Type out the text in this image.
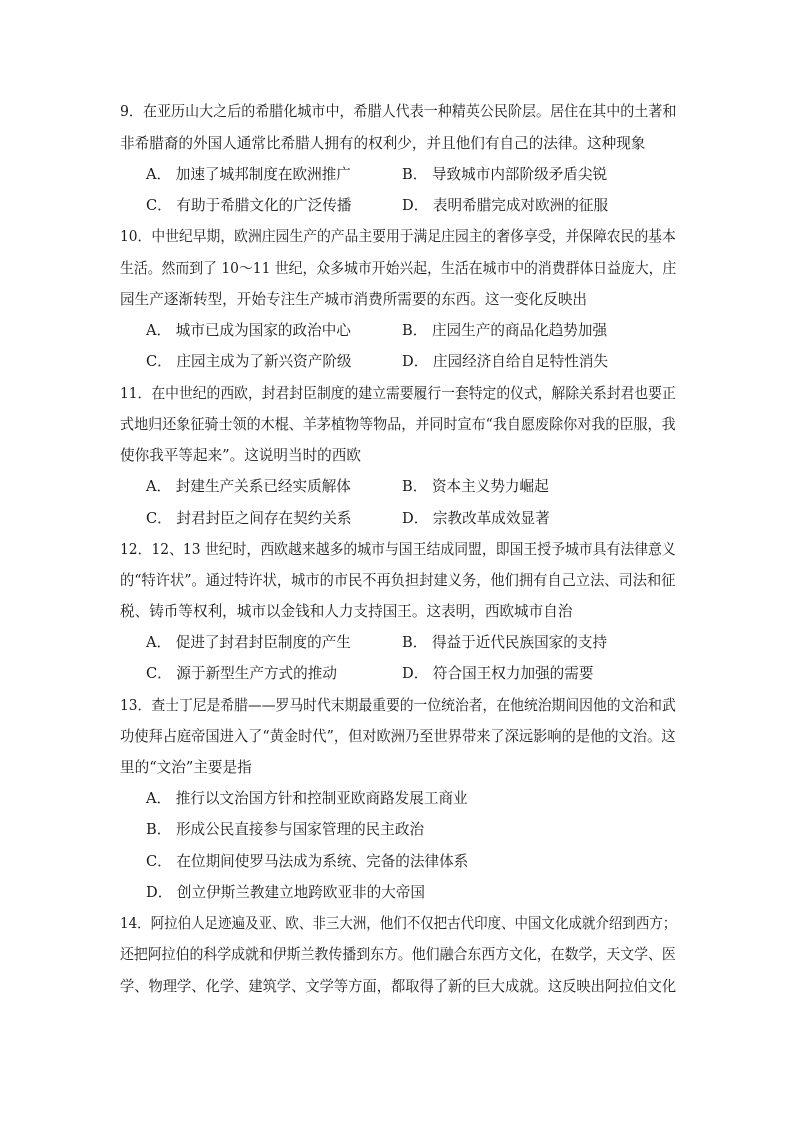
9．在亚历山大之后的希腊化城市中，希腊人代表一种精英公民阶层。居住在其中的土著和
非希腊裔的外国人通常比希腊人拥有的权利少，并且他们有自己的法律。这种现象
A． 加速了城邦制度在欧洲推广	B． 导致城市内部阶级矛盾尖锐
C． 有助于希腊文化的广泛传播	D． 表明希腊完成对欧洲的征服
10．中世纪早期，欧洲庄园生产的产品主要用于满足庄园主的奢侈享受，并保障农民的基本
生活。然而到了 10～11 世纪，众多城市开始兴起，生活在城市中的消费群体日益庞大，庄
园生产逐渐转型，开始专注生产城市消费所需要的东西。这一变化反映出
A． 城市已成为国家的政治中心	B． 庄园生产的商品化趋势加强
C． 庄园主成为了新兴资产阶级	D． 庄园经济自给自足特性消失
11．在中世纪的西欧，封君封臣制度的建立需要履行一套特定的仪式，解除关系封君也要正
式地归还象征骑士领的木棍、羊茅植物等物品，并同时宣布“我自愿废除你对我的臣服，我
使你我平等起来”。这说明当时的西欧
A． 封建生产关系已经实质解体	B． 资本主义势力崛起
C． 封君封臣之间存在契约关系	D． 宗教改革成效显著
12．12、13 世纪时，西欧越来越多的城市与国王结成同盟，即国王授予城市具有法律意义
的“特许状”。通过特许状，城市的市民不再负担封建义务，他们拥有自己立法、司法和征
税、铸币等权利，城市以金钱和人力支持国王。这表明，西欧城市自治
A． 促进了封君封臣制度的产生	B． 得益于近代民族国家的支持
C． 源于新型生产方式的推动	D． 符合国王权力加强的需要
13．查士丁尼是希腊——罗马时代末期最重要的一位统治者，在他统治期间因他的文治和武
功使拜占庭帝国进入了“黄金时代”，但对欧洲乃至世界带来了深远影响的是他的文治。这
里的“文治”主要是指
A． 推行以文治国方针和控制亚欧商路发展工商业
B． 形成公民直接参与国家管理的民主政治
C． 在位期间使罗马法成为系统、完备的法律体系
D． 创立伊斯兰教建立地跨欧亚非的大帝国
14．阿拉伯人足迹遍及亚、欧、非三大洲，他们不仅把古代印度、中国文化成就介绍到西方；
还把阿拉伯的科学成就和伊斯兰教传播到东方。他们融合东西方文化，在数学，天文学、医
学、物理学、化学、建筑学、文学等方面，都取得了新的巨大成就。这反映出阿拉伯文化
